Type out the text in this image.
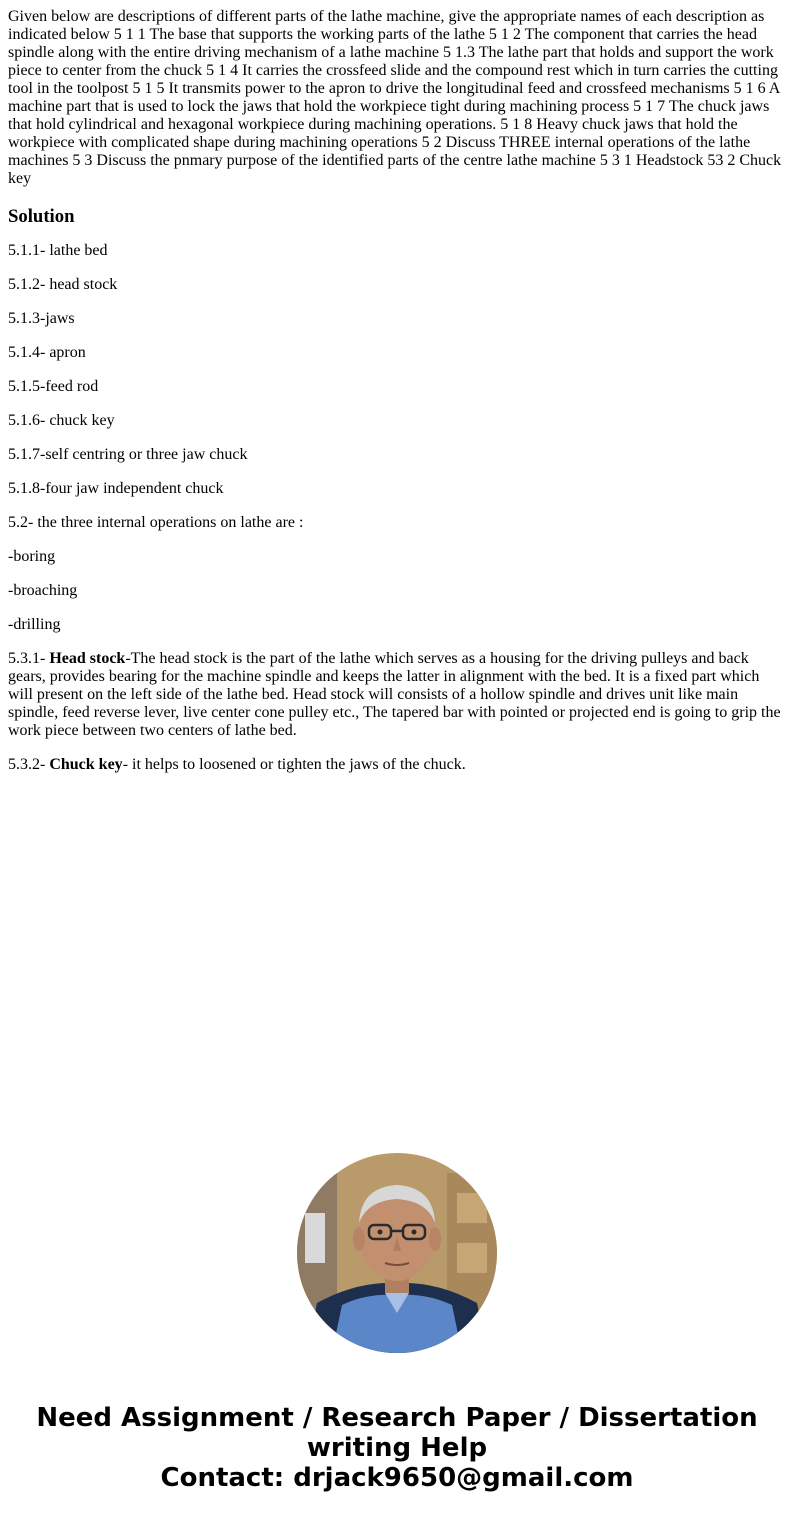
Given below are descriptions of different parts of the lathe machine, give the appropriate names of each description as indicated below 5 1 1 The base that supports the working parts of the lathe 5 1 2 The component that carries the head spindle along with the entire driving mechanism of a lathe machine 5 1.3 The lathe part that holds and support the work piece to center from the chuck 5 1 4 It carries the crossfeed slide and the compound rest which in turn carries the cutting tool in the toolpost 5 1 5 It transmits power to the apron to drive the longitudinal feed and crossfeed mechanisms 5 1 6 A machine part that is used to lock the jaws that hold the workpiece tight during machining process 5 1 7 The chuck jaws that hold cylindrical and hexagonal workpiece during machining operations. 5 1 8 Heavy chuck jaws that hold the workpiece with complicated shape during machining operations 5 2 Discuss THREE internal operations of the lathe machines 5 3 Discuss the pnmary purpose of the identified parts of the centre lathe machine 5 3 1 Headstock 53 2 Chuck key

Solution

5.1.1- lathe bed

5.1.2- head stock

5.1.3-jaws

5.1.4- apron

5.1.5-feed rod

5.1.6- chuck key

5.1.7-self centring or three jaw chuck

5.1.8-four jaw independent chuck

5.2- the three internal operations on lathe are :

-boring

-broaching

-drilling

5.3.1- Head stock-The head stock is the part of the lathe which serves as a housing for the driving pulleys and back gears, provides bearing for the machine spindle and keeps the latter in alignment with the bed. It is a fixed part which will present on the left side of the lathe bed. Head stock will consists of a hollow spindle and drives unit like main spindle, feed reverse lever, live center cone pulley etc., The tapered bar with pointed or projected end is going to grip the work piece between two centers of lathe bed.

5.3.2- Chuck key- it helps to loosened or tighten the jaws of the chuck.

Need Assignment / Research Paper / Dissertation
writing Help
Contact: drjack9650@gmail.com
